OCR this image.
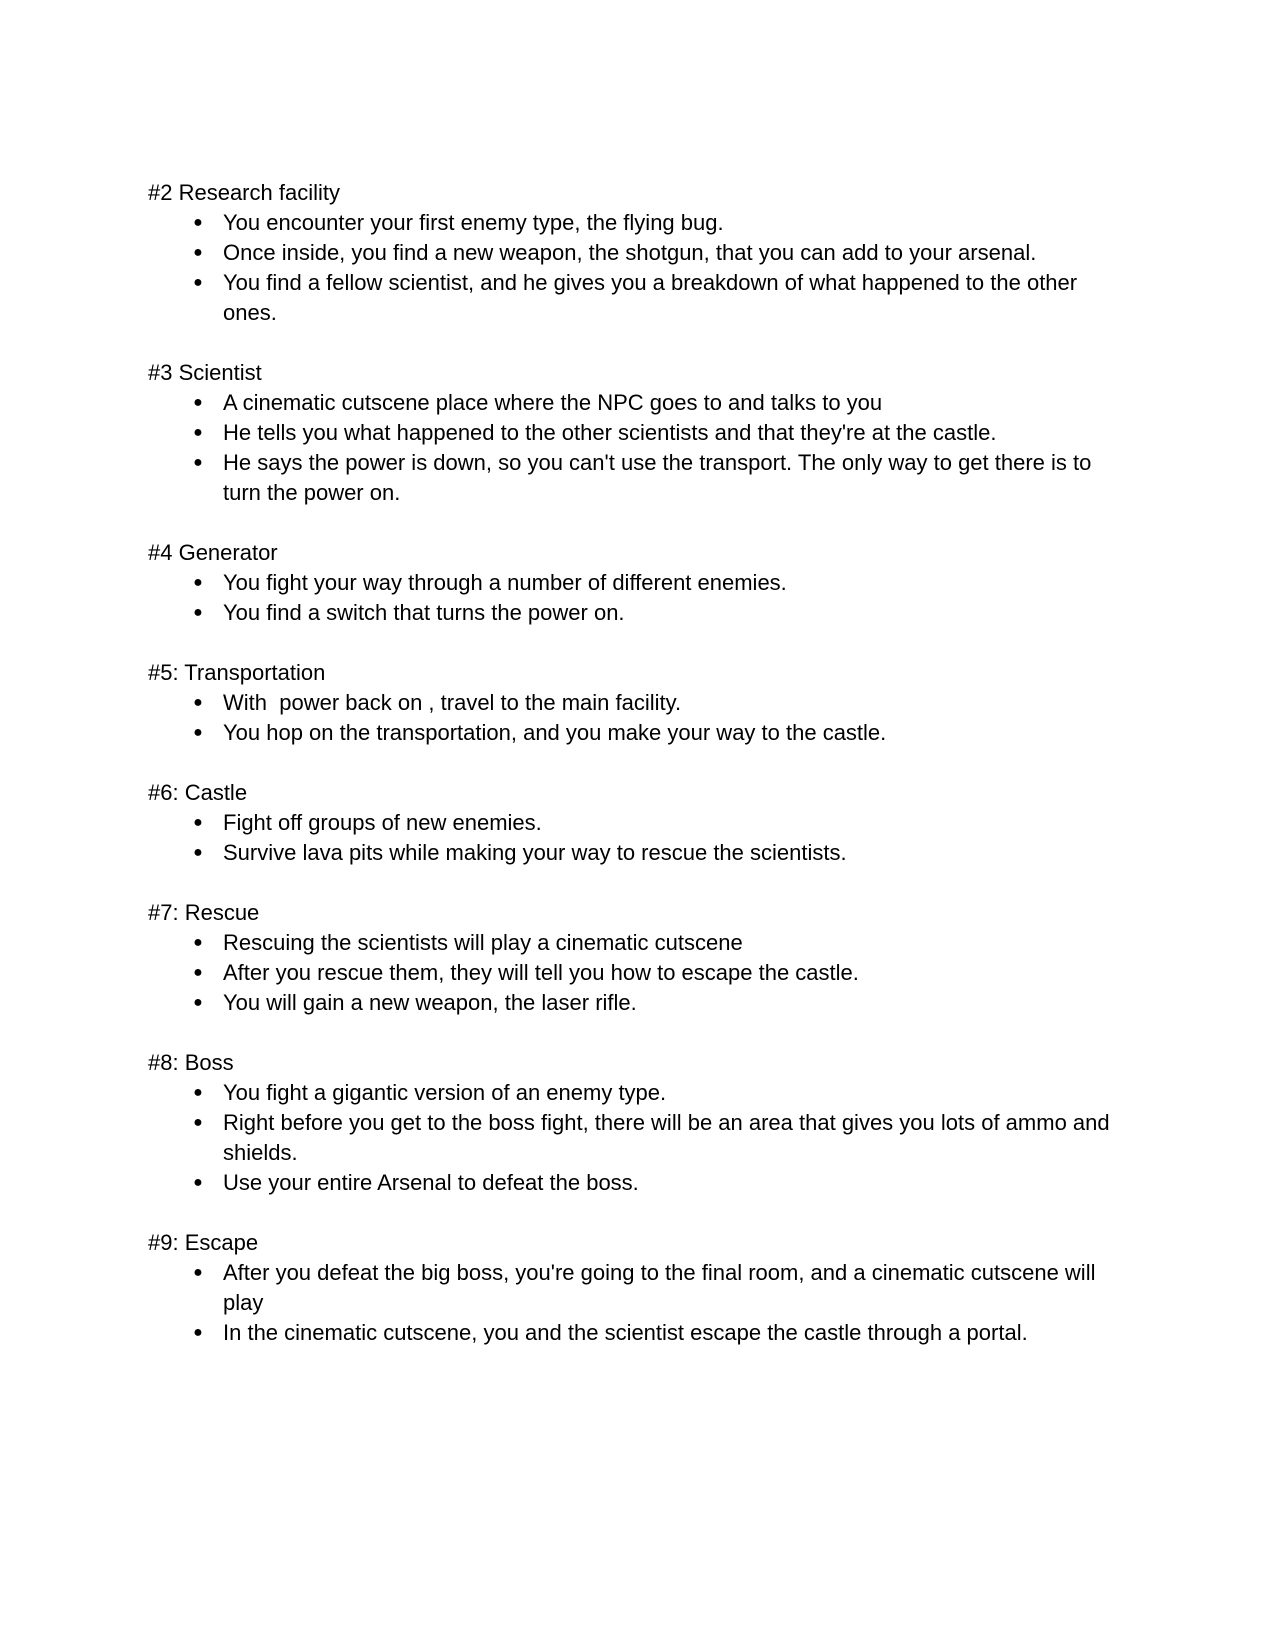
#2 Research facility
● You encounter your first enemy type, the flying bug.
● Once inside, you find a new weapon, the shotgun, that you can add to your arsenal.
● You find a fellow scientist, and he gives you a breakdown of what happened to the other ones.
#3 Scientist
● A cinematic cutscene place where the NPC goes to and talks to you
● He tells you what happened to the other scientists and that they're at the castle.
● He says the power is down, so you can't use the transport. The only way to get there is to turn the power on.
#4 Generator
● You fight your way through a number of different enemies.
● You find a switch that turns the power on.
#5: Transportation
● With  power back on , travel to the main facility.
● You hop on the transportation, and you make your way to the castle.
#6: Castle
● Fight off groups of new enemies.
● Survive lava pits while making your way to rescue the scientists.
#7: Rescue
● Rescuing the scientists will play a cinematic cutscene
● After you rescue them, they will tell you how to escape the castle.
● You will gain a new weapon, the laser rifle.
#8: Boss
● You fight a gigantic version of an enemy type.
● Right before you get to the boss fight, there will be an area that gives you lots of ammo and shields.
● Use your entire Arsenal to defeat the boss.
#9: Escape
● After you defeat the big boss, you're going to the final room, and a cinematic cutscene will play
● In the cinematic cutscene, you and the scientist escape the castle through a portal.
